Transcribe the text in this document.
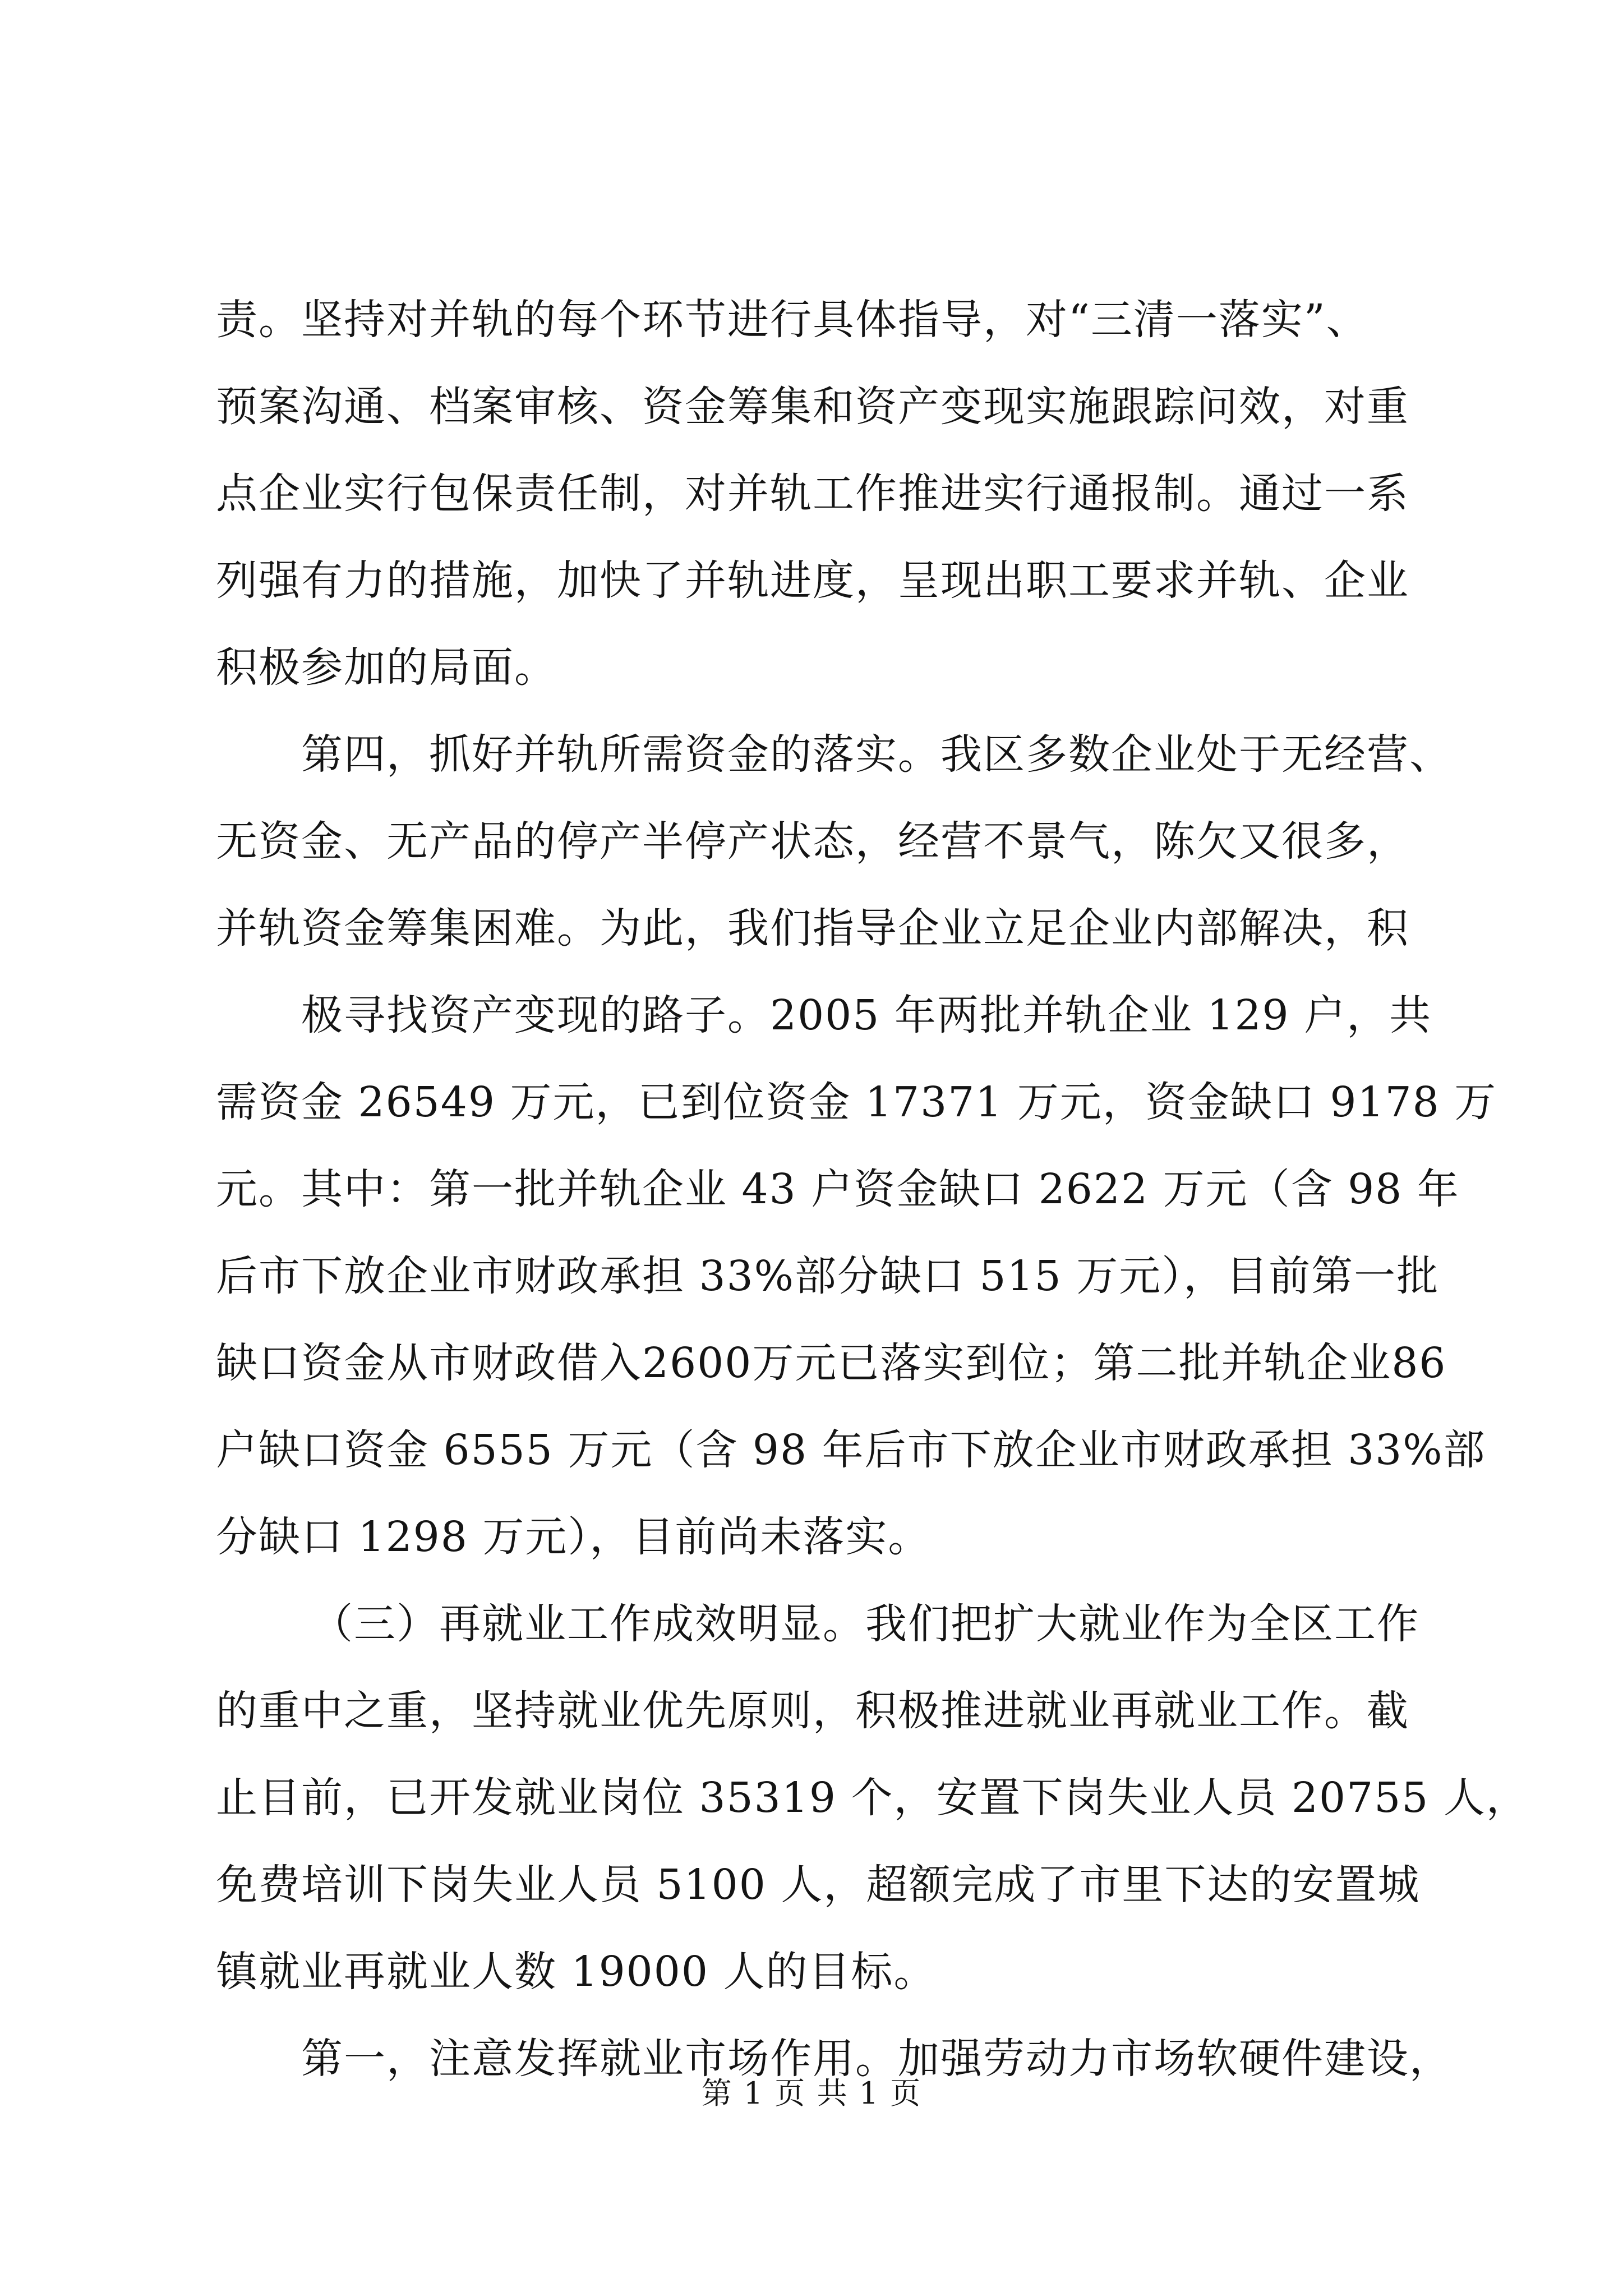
责。坚持对并轨的每个环节进行具体指导，对“三清一落实”、
预案沟通、档案审核、资金筹集和资产变现实施跟踪问效，对重
点企业实行包保责任制，对并轨工作推进实行通报制。通过一系
列强有力的措施，加快了并轨进度，呈现出职工要求并轨、企业
积极参加的局面。
第四，抓好并轨所需资金的落实。我区多数企业处于无经营、
无资金、无产品的停产半停产状态，经营不景气，陈欠又很多，
并轨资金筹集困难。为此，我们指导企业立足企业内部解决，积
极寻找资产变现的路子。2005 年两批并轨企业 129 户，共
需资金 26549 万元，已到位资金 17371 万元，资金缺口 9178 万
元。其中：第一批并轨企业 43 户资金缺口 2622 万元（含 98 年
后市下放企业市财政承担 33%部分缺口 515 万元），目前第一批
缺口资金从市财政借入2600万元已落实到位；第二批并轨企业86
户缺口资金 6555 万元（含 98 年后市下放企业市财政承担 33%部
分缺口 1298 万元），目前尚未落实。
（三）再就业工作成效明显。我们把扩大就业作为全区工作
的重中之重，坚持就业优先原则，积极推进就业再就业工作。截
止目前，已开发就业岗位 35319 个，安置下岗失业人员 20755 人，
免费培训下岗失业人员 5100 人，超额完成了市里下达的安置城
镇就业再就业人数 19000 人的目标。
第一，注意发挥就业市场作用。加强劳动力市场软硬件建设，
第 1 页 共 1 页
